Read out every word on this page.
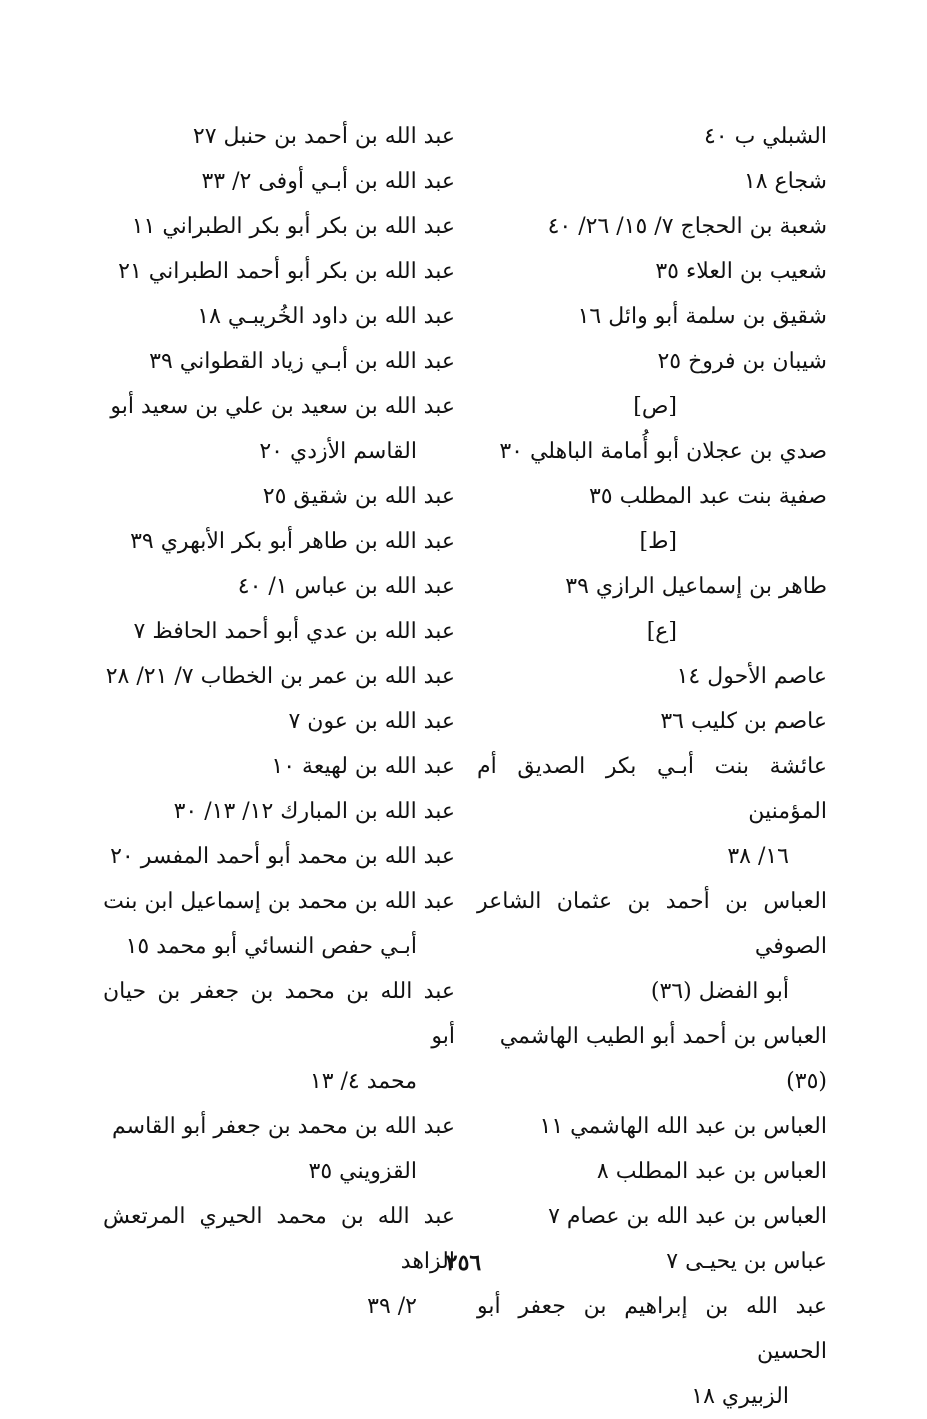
الشبلي ب ٤٠
شجاع ١٨
شعبة بن الحجاج ٧/ ١٥/ ٢٦/ ٤٠
شعيب بن العلاء ٣٥
شقيق بن سلمة أبو وائل ١٦
شيبان بن فروخ ٢٥
[ص]
صدي بن عجلان أبو أُمامة الباهلي ٣٠
صفية بنت عبد المطلب ٣٥
[ط]
طاهر بن إسماعيل الرازي ٣٩
[ع]
عاصم الأحول ١٤
عاصم بن كليب ٣٦
عائشة بنت أبـي بكر الصديق أم المؤمنين
١٦/ ٣٨
العباس بن أحمد بن عثمان الشاعر الصوفي
أبو الفضل (٣٦)
العباس بن أحمد أبو الطيب الهاشمي (٣٥)
العباس بن عبد الله الهاشمي ١١
العباس بن عبد المطلب ٨
العباس بن عبد الله بن عصام ٧
عباس بن يحيـى ٧
عبد الله بن إبراهيم بن جعفر أبو الحسين
الزبيري ١٨
عبد الله بن أحمد بن حنبل ٢٧
عبد الله بن أبـي أوفى ٢/ ٣٣
عبد الله بن بكر أبو بكر الطبراني ١١
عبد الله بن بكر أبو أحمد الطبراني ٢١
عبد الله بن داود الخُريبـي ١٨
عبد الله بن أبـي زياد القطواني ٣٩
عبد الله بن سعيد بن علي بن سعيد أبو
القاسم الأزدي ٢٠
عبد الله بن شقيق ٢٥
عبد الله بن طاهر أبو بكر الأبهري ٣٩
عبد الله بن عباس ١/ ٤٠
عبد الله بن عدي أبو أحمد الحافظ ٧
عبد الله بن عمر بن الخطاب ٧/ ٢١/ ٢٨
عبد الله بن عون ٧
عبد الله بن لهيعة ١٠
عبد الله بن المبارك ١٢/ ١٣/ ٣٠
عبد الله بن محمد أبو أحمد المفسر ٢٠
عبد الله بن محمد بن إسماعيل ابن بنت
أبـي حفص النسائي أبو محمد ١٥
عبد الله بن محمد بن جعفر بن حيان أبو
محمد ٤/ ١٣
عبد الله بن محمد بن جعفر أبو القاسم
القزويني ٣٥
عبد الله بن محمد الحيري المرتعش الزاهد
٢/ ٣٩
٢٥٦
